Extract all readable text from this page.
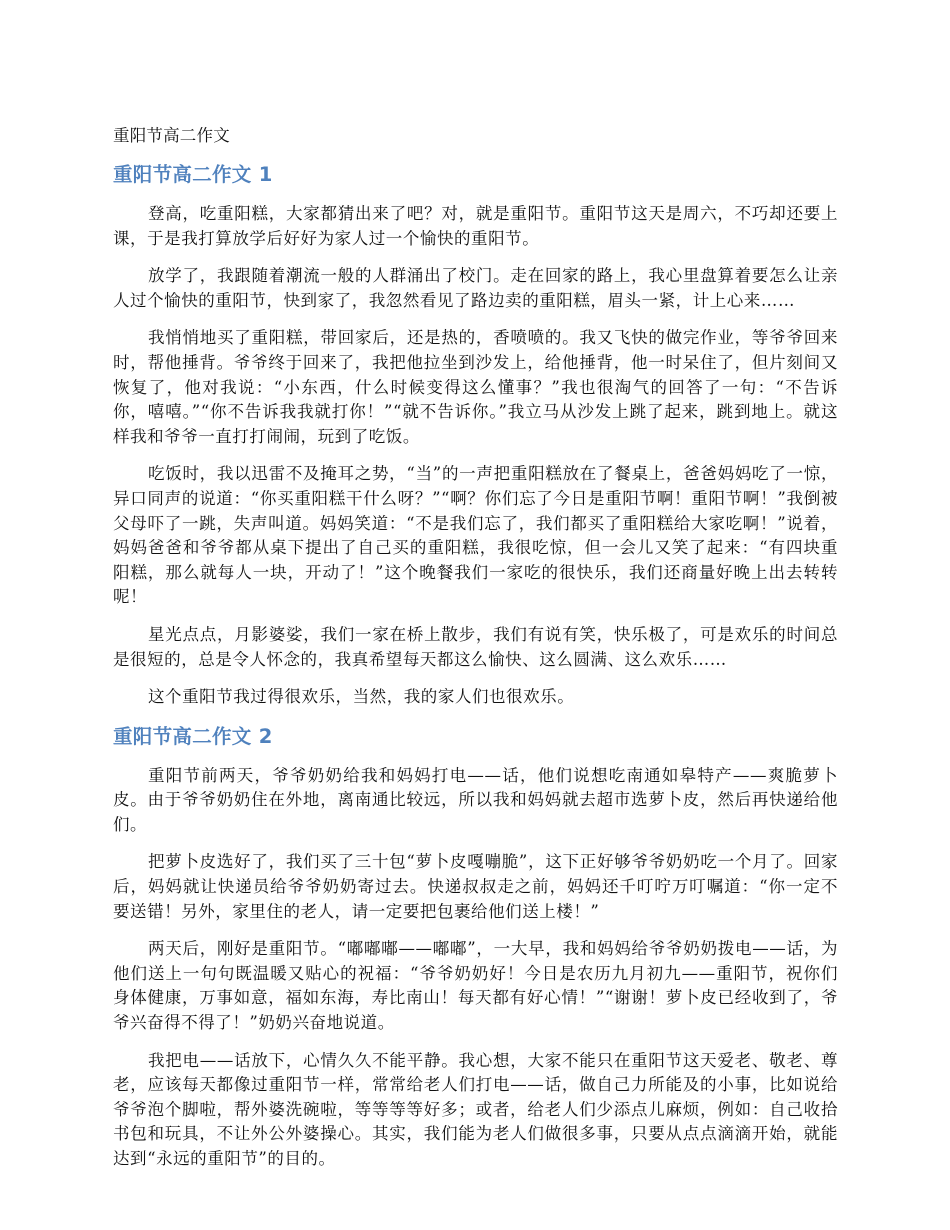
重阳节高二作文
重阳节高二作文 1

登高，吃重阳糕，大家都猜出来了吧？对，就是重阳节。重阳节这天是周六，不巧却还要上课，于是我打算放学后好好为家人过一个愉快的重阳节。

放学了，我跟随着潮流一般的人群涌出了校门。走在回家的路上，我心里盘算着要怎么让亲人过个愉快的重阳节，快到家了，我忽然看见了路边卖的重阳糕，眉头一紧，计上心来……

我悄悄地买了重阳糕，带回家后，还是热的，香喷喷的。我又飞快的做完作业，等爷爷回来时，帮他捶背。爷爷终于回来了，我把他拉坐到沙发上，给他捶背，他一时呆住了，但片刻间又恢复了，他对我说：“小东西，什么时候变得这么懂事？”我也很淘气的回答了一句：“不告诉你，嘻嘻。”“你不告诉我我就打你！”“就不告诉你。”我立马从沙发上跳了起来，跳到地上。就这样我和爷爷一直打打闹闹，玩到了吃饭。

吃饭时，我以迅雷不及掩耳之势，“当”的一声把重阳糕放在了餐桌上，爸爸妈妈吃了一惊，异口同声的说道：“你买重阳糕干什么呀？”“啊？你们忘了今日是重阳节啊！重阳节啊！”我倒被父母吓了一跳，失声叫道。妈妈笑道：“不是我们忘了，我们都买了重阳糕给大家吃啊！”说着，妈妈爸爸和爷爷都从桌下提出了自己买的重阳糕，我很吃惊，但一会儿又笑了起来：“有四块重阳糕，那么就每人一块，开动了！”这个晚餐我们一家吃的很快乐，我们还商量好晚上出去转转呢！

星光点点，月影婆娑，我们一家在桥上散步，我们有说有笑，快乐极了，可是欢乐的时间总是很短的，总是令人怀念的，我真希望每天都这么愉快、这么圆满、这么欢乐……

这个重阳节我过得很欢乐，当然，我的家人们也很欢乐。

重阳节高二作文 2

重阳节前两天，爷爷奶奶给我和妈妈打电——话，他们说想吃南通如皋特产——爽脆萝卜皮。由于爷爷奶奶住在外地，离南通比较远，所以我和妈妈就去超市选萝卜皮，然后再快递给他们。

把萝卜皮选好了，我们买了三十包“萝卜皮嘎嘣脆”，这下正好够爷爷奶奶吃一个月了。回家后，妈妈就让快递员给爷爷奶奶寄过去。快递叔叔走之前，妈妈还千叮咛万叮嘱道：“你一定不要送错！另外，家里住的老人，请一定要把包裹给他们送上楼！”

两天后，刚好是重阳节。“嘟嘟嘟——嘟嘟”，一大早，我和妈妈给爷爷奶奶拨电——话，为他们送上一句句既温暖又贴心的祝福：“爷爷奶奶好！今日是农历九月初九——重阳节，祝你们身体健康，万事如意，福如东海，寿比南山！每天都有好心情！”“谢谢！萝卜皮已经收到了，爷爷兴奋得不得了！”奶奶兴奋地说道。

我把电——话放下，心情久久不能平静。我心想，大家不能只在重阳节这天爱老、敬老、尊老，应该每天都像过重阳节一样，常常给老人们打电——话，做自己力所能及的小事，比如说给爷爷泡个脚啦，帮外婆洗碗啦，等等等等好多；或者，给老人们少添点儿麻烦，例如：自己收拾书包和玩具，不让外公外婆操心。其实，我们能为老人们做很多事，只要从点点滴滴开始，就能达到“永远的重阳节”的目的。
